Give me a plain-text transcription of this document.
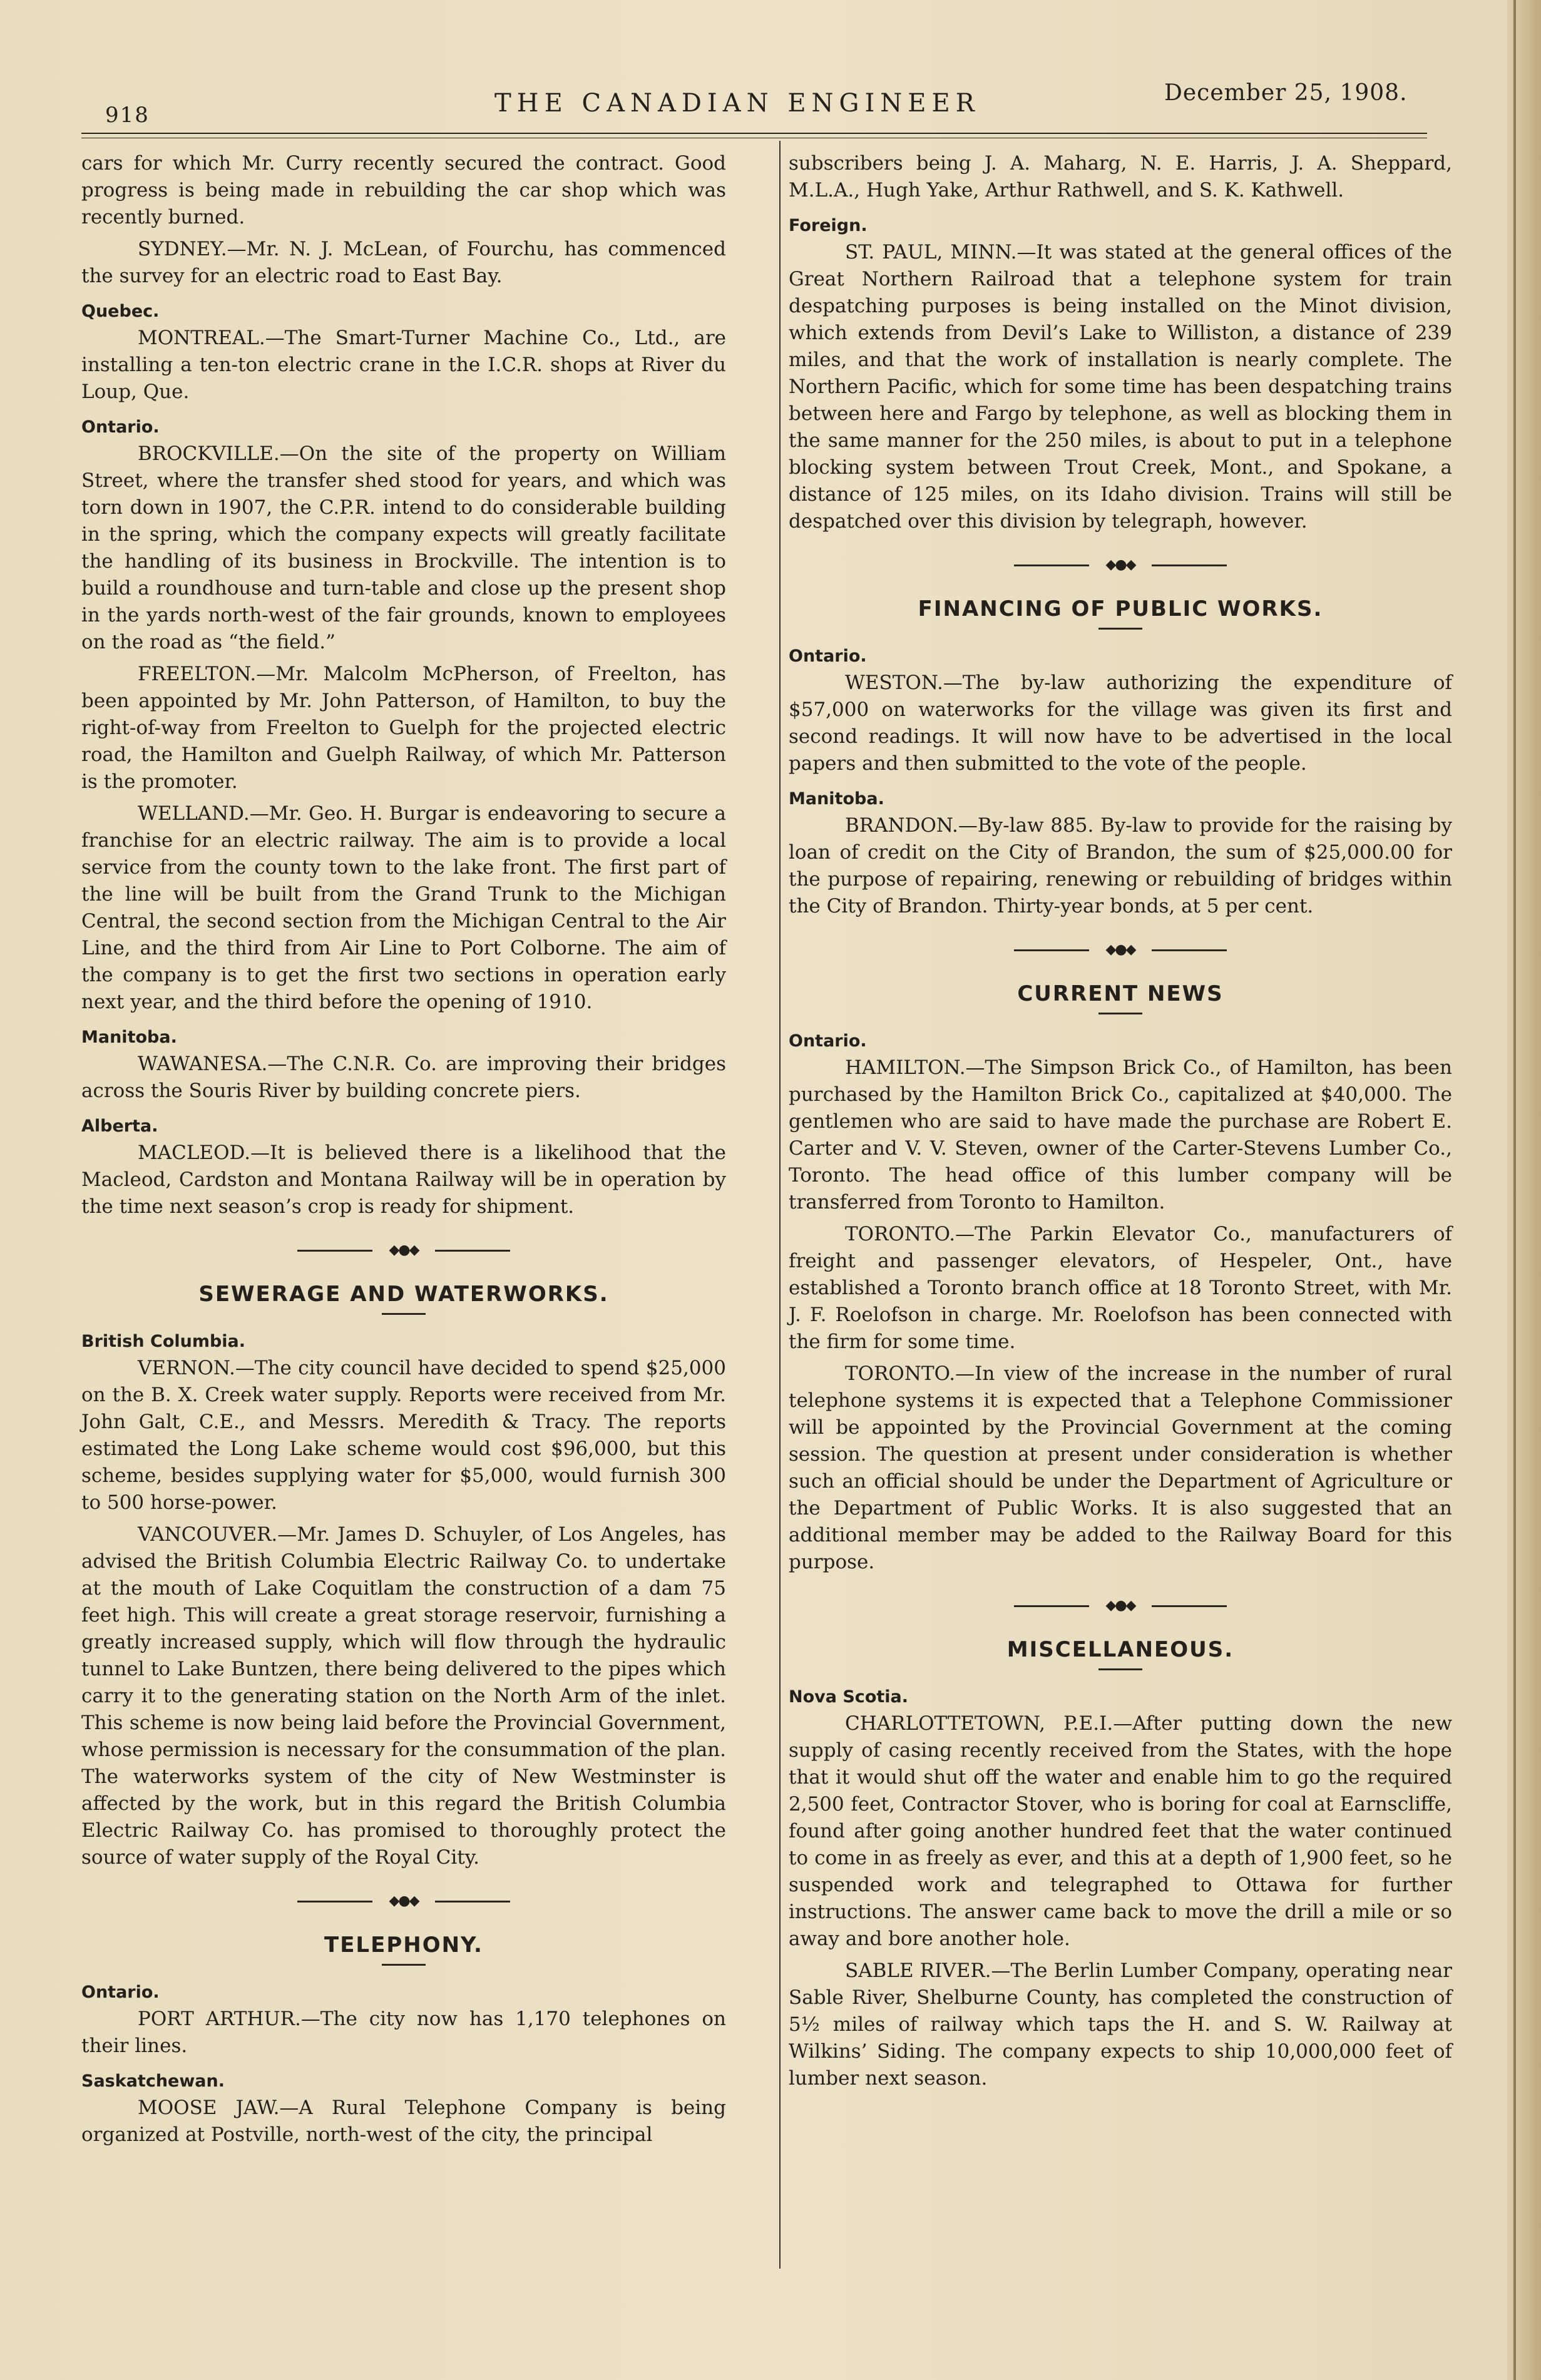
918	THE CANADIAN ENGINEER	December 25, 1908.

cars for which Mr. Curry recently secured the contract. Good progress is being made in rebuilding the car shop which was recently burned.

SYDNEY.—Mr. N. J. McLean, of Fourchu, has commenced the survey for an electric road to East Bay.

Quebec.

MONTREAL.—The Smart-Turner Machine Co., Ltd., are installing a ten-ton electric crane in the I.C.R. shops at River du Loup, Que.

Ontario.

BROCKVILLE.—On the site of the property on William Street, where the transfer shed stood for years, and which was torn down in 1907, the C.P.R. intend to do considerable building in the spring, which the company expects will greatly facilitate the handling of its business in Brockville. The intention is to build a roundhouse and turn-table and close up the present shop in the yards north-west of the fair grounds, known to employees on the road as “the field.”

FREELTON.—Mr. Malcolm McPherson, of Freelton, has been appointed by Mr. John Patterson, of Hamilton, to buy the right-of-way from Freelton to Guelph for the projected electric road, the Hamilton and Guelph Railway, of which Mr. Patterson is the promoter.

WELLAND.—Mr. Geo. H. Burgar is endeavoring to secure a franchise for an electric railway. The aim is to provide a local service from the county town to the lake front. The first part of the line will be built from the Grand Trunk to the Michigan Central, the second section from the Michigan Central to the Air Line, and the third from Air Line to Port Colborne. The aim of the company is to get the first two sections in operation early next year, and the third before the opening of 1910.

Manitoba.

WAWANESA.—The C.N.R. Co. are improving their bridges across the Souris River by building concrete piers.

Alberta.

MACLEOD.—It is believed there is a likelihood that the Macleod, Cardston and Montana Railway will be in operation by the time next season’s crop is ready for shipment.

◆●◆
SEWERAGE AND WATERWORKS.
British Columbia.

VERNON.—The city council have decided to spend $25,000 on the B. X. Creek water supply. Reports were received from Mr. John Galt, C.E., and Messrs. Meredith & Tracy. The reports estimated the Long Lake scheme would cost $96,000, but this scheme, besides supplying water for $5,000, would furnish 300 to 500 horse-power.

VANCOUVER.—Mr. James D. Schuyler, of Los Angeles, has advised the British Columbia Electric Railway Co. to undertake at the mouth of Lake Coquitlam the construction of a dam 75 feet high. This will create a great storage reservoir, furnishing a greatly increased supply, which will flow through the hydraulic tunnel to Lake Buntzen, there being delivered to the pipes which carry it to the generating station on the North Arm of the inlet. This scheme is now being laid before the Provincial Government, whose permission is necessary for the consummation of the plan. The waterworks system of the city of New Westminster is affected by the work, but in this regard the British Columbia Electric Railway Co. has promised to thoroughly protect the source of water supply of the Royal City.

◆●◆
TELEPHONY.
Ontario.

PORT ARTHUR.—The city now has 1,170 telephones on their lines.

Saskatchewan.

MOOSE JAW.—A Rural Telephone Company is being organized at Postville, north-west of the city, the principal

subscribers being J. A. Maharg, N. E. Harris, J. A. Sheppard, M.L.A., Hugh Yake, Arthur Rathwell, and S. K. Kathwell.

Foreign.

ST. PAUL, MINN.—It was stated at the general offices of the Great Northern Railroad that a telephone system for train despatching purposes is being installed on the Minot division, which extends from Devil’s Lake to Williston, a distance of 239 miles, and that the work of installation is nearly complete. The Northern Pacific, which for some time has been despatching trains between here and Fargo by telephone, as well as blocking them in the same manner for the 250 miles, is about to put in a telephone blocking system between Trout Creek, Mont., and Spokane, a distance of 125 miles, on its Idaho division. Trains will still be despatched over this division by telegraph, however.

◆●◆
FINANCING OF PUBLIC WORKS.
Ontario.

WESTON.—The by-law authorizing the expenditure of $57,000 on waterworks for the village was given its first and second readings. It will now have to be advertised in the local papers and then submitted to the vote of the people.

Manitoba.

BRANDON.—By-law 885. By-law to provide for the raising by loan of credit on the City of Brandon, the sum of $25,000.00 for the purpose of repairing, renewing or rebuilding of bridges within the City of Brandon. Thirty-year bonds, at 5 per cent.

◆●◆
CURRENT NEWS
Ontario.

HAMILTON.—The Simpson Brick Co., of Hamilton, has been purchased by the Hamilton Brick Co., capitalized at $40,000. The gentlemen who are said to have made the purchase are Robert E. Carter and V. V. Steven, owner of the Carter-Stevens Lumber Co., Toronto. The head office of this lumber company will be transferred from Toronto to Hamilton.

TORONTO.—The Parkin Elevator Co., manufacturers of freight and passenger elevators, of Hespeler, Ont., have established a Toronto branch office at 18 Toronto Street, with Mr. J. F. Roelofson in charge. Mr. Roelofson has been connected with the firm for some time.

TORONTO.—In view of the increase in the number of rural telephone systems it is expected that a Telephone Commissioner will be appointed by the Provincial Government at the coming session. The question at present under consideration is whether such an official should be under the Department of Agriculture or the Department of Public Works. It is also suggested that an additional member may be added to the Railway Board for this purpose.

◆●◆
MISCELLANEOUS.
Nova Scotia.

CHARLOTTETOWN, P.E.I.—After putting down the new supply of casing recently received from the States, with the hope that it would shut off the water and enable him to go the required 2,500 feet, Contractor Stover, who is boring for coal at Earnscliffe, found after going another hundred feet that the water continued to come in as freely as ever, and this at a depth of 1,900 feet, so he suspended work and telegraphed to Ottawa for further instructions. The answer came back to move the drill a mile or so away and bore another hole.

SABLE RIVER.—The Berlin Lumber Company, operating near Sable River, Shelburne County, has completed the construction of 5½ miles of railway which taps the H. and S. W. Railway at Wilkins’ Siding. The company expects to ship 10,000,000 feet of lumber next season.
